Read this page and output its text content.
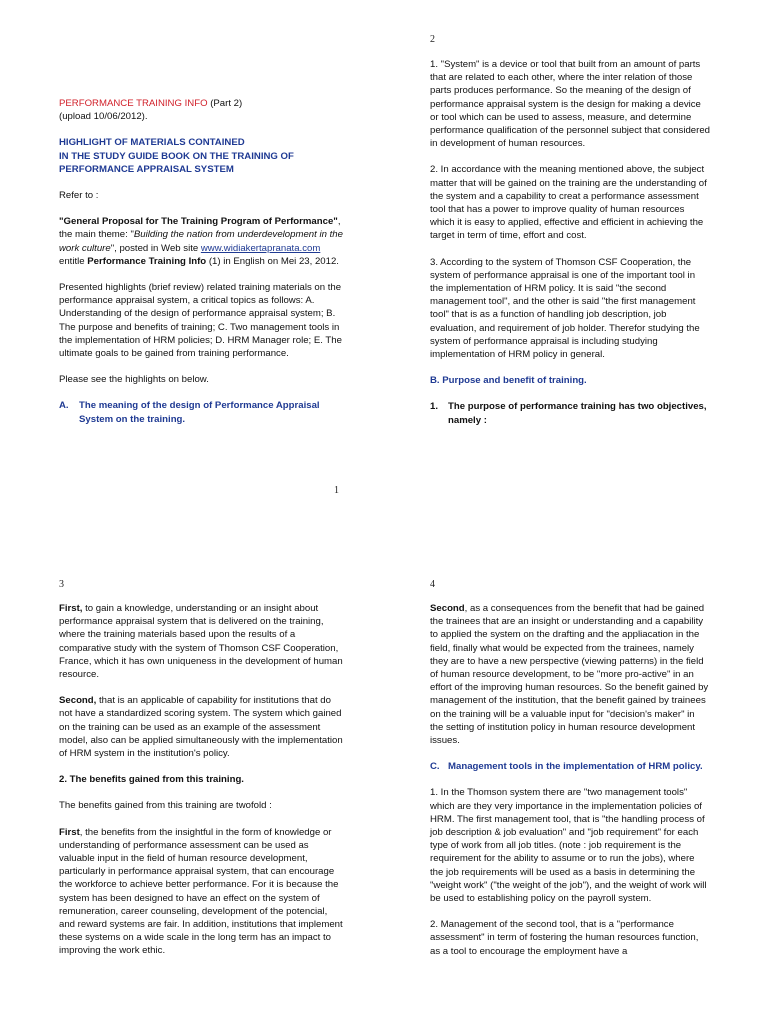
2
1
3	4
PERFORMANCE TRAINING INFO (Part 2)

(upload 10/06/2012).

HIGHLIGHT OF MATERIALS CONTAINED
IN THE STUDY GUIDE BOOK ON THE TRAINING OF
PERFORMANCE APPRAISAL SYSTEM

Refer to :

"General Proposal for The Training Program of Performance", the main theme: "Building the nation from underdevelopment in the work culture", posted in Web site www.widiakertapranata.com entitle Performance Training Info (1) in English on Mei 23, 2012.

Presented highlights (brief review) related training materials on the performance appraisal system, a critical topics as follows: A. Understanding of the design of performance appraisal system; B. The purpose and benefits of training; C. Two management tools in the implementation of HRM policies; D. HRM Manager role; E. The ultimate goals to be gained from training performance.

Please see the highlights on below.

A.	The meaning of the design of Performance Appraisal System on the training.

1. "System" is a device or tool that built from an amount of parts that are related to each other, where the inter relation of those parts produces performance. So the meaning of the design of performance appraisal system is the design for making a device or tool which can be used to assess, measure, and determine performance qualification of the personnel subject that considered in development of human resources.

2. In accordance with the meaning mentioned above, the subject matter that will be gained on the training are the understanding of the system and a capability to creat a performance assessment tool that has a power to improve quality of human resources which it is easy to applied, effective and efficient in achieving the target in term of time, effort and cost.

3. According to the system of Thomson CSF Cooperation, the system of performance appraisal is one of the important tool in the implementation of HRM policy. It is said "the second management tool", and the other is said "the first management tool" that is as a function of handling job description, job evaluation, and requirement of job holder. Therefor studying the system of performance appraisal is including studying implementation of HRM policy in general.

B. Purpose and benefit of training.

1.	The purpose of performance training has two objectives, namely :

First, to gain a knowledge, understanding or an insight about performance appraisal system that is delivered on the training, where the training materials based upon the results of a comparative study with the system of Thomson CSF Cooperation, France, which it has own uniqueness in the development of human resource.

Second, that is an applicable of capability for institutions that do not have a standardized scoring system. The system which gained on the training can be used as an example of the assessment model, also can be applied simultaneously with the implementation of HRM system in the institution's policy.

2. The benefits gained from this training.

The benefits gained from this training are twofold :

First, the benefits from the insightful in the form of knowledge or understanding of performance assessment can be used as valuable input in the field of human resource development, particularly in performance appraisal system, that can encourage the workforce to achieve better performance. For it is because the system has been designed to have an effect on the system of remuneration, career counseling, development of the potencial, and reward systems are fair. In addition, institutions that implement these systems on a wide scale in the long term has an impact to improving the work ethic.

Second, as a consequences from the benefit that had be gained the trainees that are an insight or understanding and a capability to applied the system on the drafting and the appliacation in the field, finally what would be expected from the trainees, namely they are to have a new perspective (viewing patterns) in the field of human resource development, to be "more pro-active" in an effort of the improving human resources. So the benefit gained by management of the institution, that the benefit gained by trainees on the training will be a valuable input for "decision's maker" in the setting of institution policy in human resource development issues.

C. Management tools in the implementation of HRM policy.

1. In the Thomson system there are "two management tools" which are they very importance in the implementation policies of HRM. The first management tool, that is "the handling process of job description & job evaluation" and "job requirement" for each type of work from all job titles. (note : job requirement is the requirement for the ability to assume or to run the jobs), where the job requirements will be used as a basis in determining the "weight work" ("the weight of the job"), and the weight of work will be used to establishing policy on the payroll system.

2. Management of the second tool, that is a "performance assessment" in term of fostering the human resources function, as a tool to encourage the employment have a
